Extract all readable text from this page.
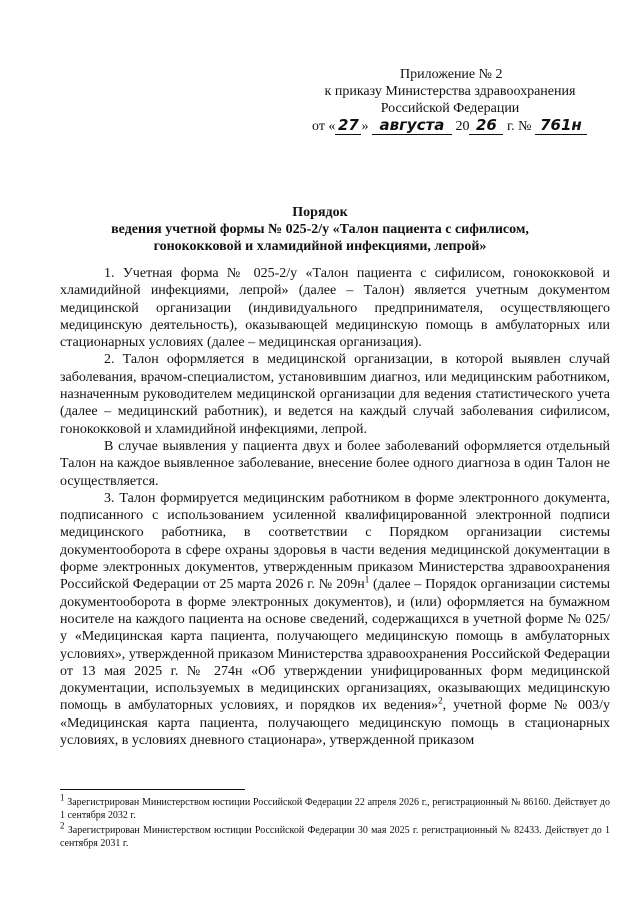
Приложение № 2
к приказу Министерства здравоохранения
Российской Федерации
от « 27 » августа 20 26 г. № 761н
Порядок
ведения учетной формы № 025-2/у «Талон пациента с сифилисом,
гонококковой и хламидийной инфекциями, лепрой»

1. Учетная форма № 025-2/у «Талон пациента с сифилисом, гонококковой и хламидийной инфекциями, лепрой» (далее – Талон) является учетным документом медицинской организации (индивидуального предпринимателя, осуществляющего медицинскую деятельность), оказывающей медицинскую помощь в амбулаторных или стационарных условиях (далее – медицинская организация).

2. Талон оформляется в медицинской организации, в которой выявлен случай заболевания, врачом-специалистом, установившим диагноз, или медицинским работником, назначенным руководителем медицинской организации для ведения статистического учета (далее – медицинский работник), и ведется на каждый случай заболевания сифилисом, гонококковой и хламидийной инфекциями, лепрой.

В случае выявления у пациента двух и более заболеваний оформляется отдельный Талон на каждое выявленное заболевание, внесение более одного диагноза в один Талон не осуществляется.

3. Талон формируется медицинским работником в форме электронного документа, подписанного с использованием усиленной квалифицированной электронной подписи медицинского работника, в соответствии с Порядком организации системы документооборота в сфере охраны здоровья в части ведения медицинской документации в форме электронных документов, утвержденным приказом Министерства здравоохранения Российской Федерации от 25 марта 2026 г. № $209н^1$ (далее – Порядок организации системы документооборота в форме электронных документов), и (или) оформляется на бумажном носителе на каждого пациента на основе сведений, содержащихся в учетной форме № 025/у «Медицинская карта пациента, получающего медицинскую помощь в амбулаторных условиях», утвержденной приказом Министерства здравоохранения Российской Федерации от 13 мая 2025 г. № 274н «Об утверждении унифицированных форм медицинской документации, используемых в медицинских организациях, оказывающих медицинскую помощь в амбулаторных условиях, и порядков их ведения»$^2$, учетной форме № 003/у «Медицинская карта пациента, получающего медицинскую помощь в стационарных условиях, в условиях дневного стационара», утвержденной приказом

$^1$ Зарегистрирован Министерством юстиции Российской Федерации 22 апреля 2026 г., регистрационный № 86160. Действует до 1 сентября 2032 г.

$^2$ Зарегистрирован Министерством юстиции Российской Федерации 30 мая 2025 г. регистрационный № 82433. Действует до 1 сентября 2031 г.
